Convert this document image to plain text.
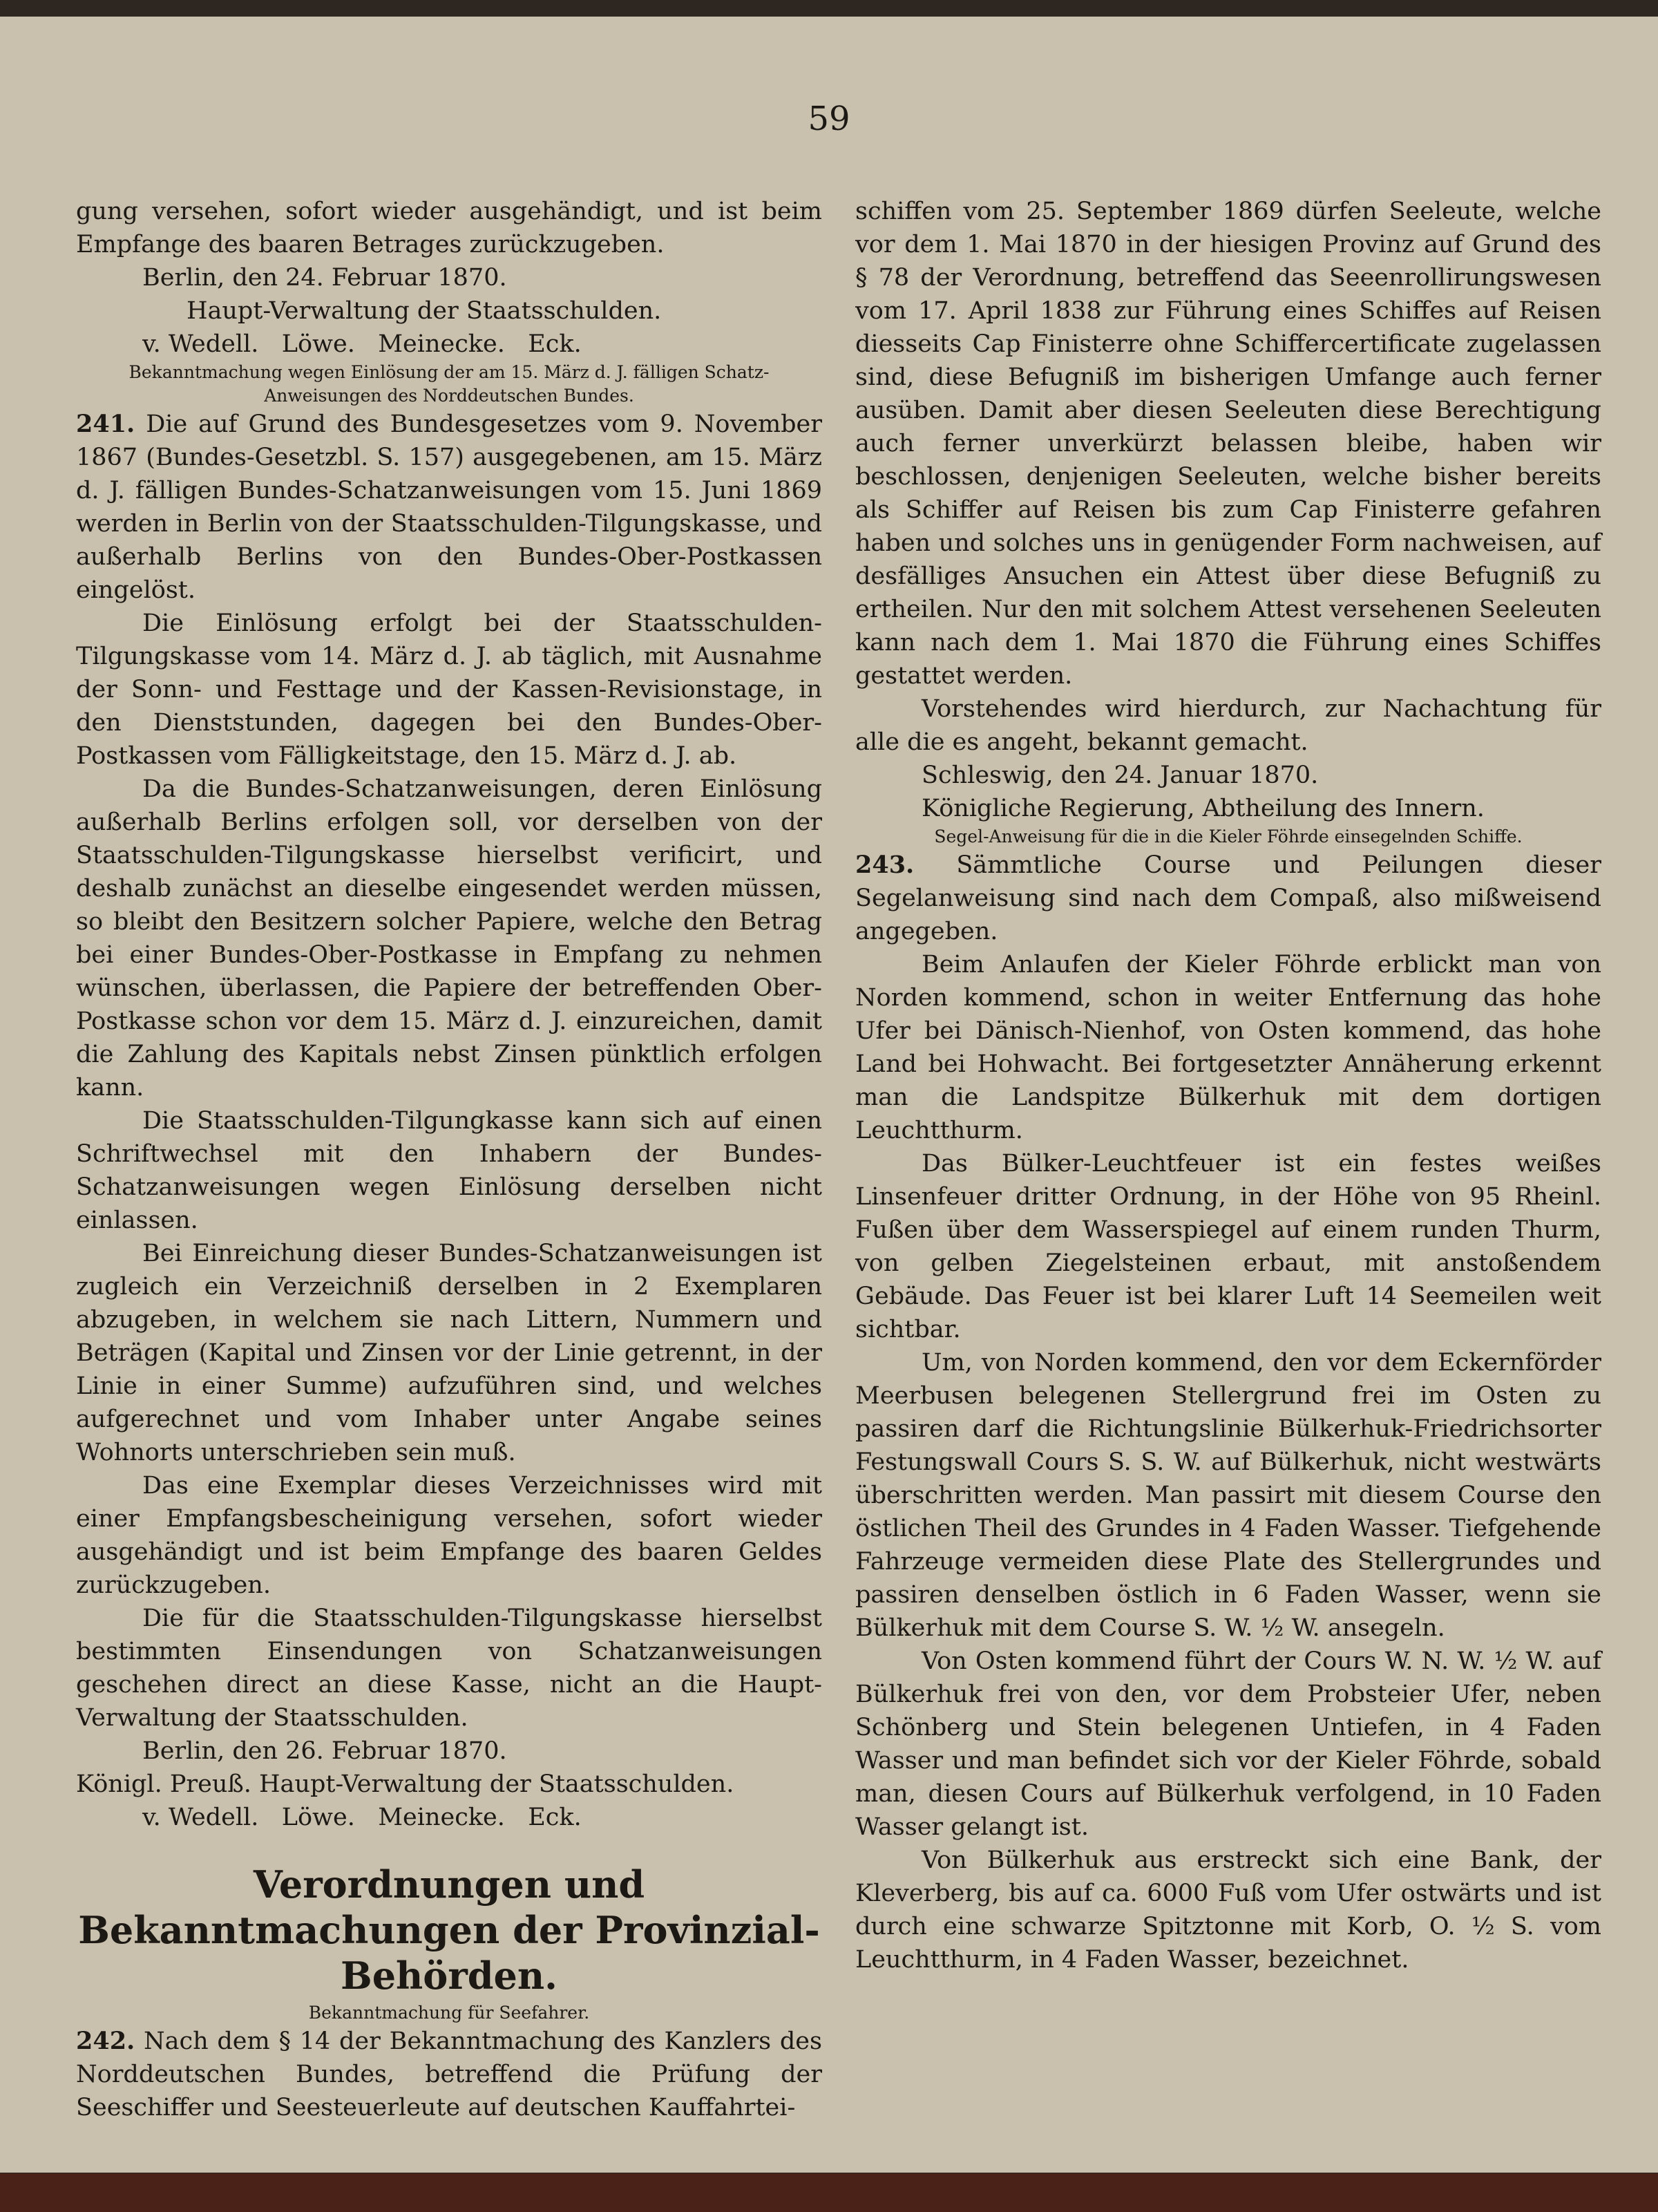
59

gung versehen, sofort wieder ausgehändigt, und ist beim Empfange des baaren Betrages zurückzugeben.

Berlin, den 24. Februar 1870.

Haupt-Verwaltung der Staatsschulden.

v. Wedell.   Löwe.   Meinecke.   Eck.

Bekanntmachung wegen Einlösung der am 15. März d. J. fälligen Schatz-Anweisungen des Norddeutschen Bundes.

241. Die auf Grund des Bundesgesetzes vom 9. November 1867 (Bundes-Gesetzbl. S. 157) ausgegebenen, am 15. März d. J. fälligen Bundes-Schatzanweisungen vom 15. Juni 1869 werden in Berlin von der Staatsschulden-Tilgungskasse, und außerhalb Berlins von den Bundes-Ober-Postkassen eingelöst.

Die Einlösung erfolgt bei der Staatsschulden-Tilgungskasse vom 14. März d. J. ab täglich, mit Ausnahme der Sonn- und Festtage und der Kassen-Revisionstage, in den Dienststunden, dagegen bei den Bundes-Ober-Postkassen vom Fälligkeitstage, den 15. März d. J. ab.

Da die Bundes-Schatzanweisungen, deren Einlösung außerhalb Berlins erfolgen soll, vor derselben von der Staatsschulden-Tilgungskasse hierselbst verificirt, und deshalb zunächst an dieselbe eingesendet werden müssen, so bleibt den Besitzern solcher Papiere, welche den Betrag bei einer Bundes-Ober-Postkasse in Empfang zu nehmen wünschen, überlassen, die Papiere der betreffenden Ober-Postkasse schon vor dem 15. März d. J. einzureichen, damit die Zahlung des Kapitals nebst Zinsen pünktlich erfolgen kann.

Die Staatsschulden-Tilgungkasse kann sich auf einen Schriftwechsel mit den Inhabern der Bundes-Schatzanweisungen wegen Einlösung derselben nicht einlassen.

Bei Einreichung dieser Bundes-Schatzanweisungen ist zugleich ein Verzeichniß derselben in 2 Exemplaren abzugeben, in welchem sie nach Littern, Nummern und Beträgen (Kapital und Zinsen vor der Linie getrennt, in der Linie in einer Summe) aufzuführen sind, und welches aufgerechnet und vom Inhaber unter Angabe seines Wohnorts unterschrieben sein muß.

Das eine Exemplar dieses Verzeichnisses wird mit einer Empfangsbescheinigung versehen, sofort wieder ausgehändigt und ist beim Empfange des baaren Geldes zurückzugeben.

Die für die Staatsschulden-Tilgungskasse hierselbst bestimmten Einsendungen von Schatzanweisungen geschehen direct an diese Kasse, nicht an die Haupt-Verwaltung der Staatsschulden.

Berlin, den 26. Februar 1870.

Königl. Preuß. Haupt-Verwaltung der Staatsschulden.

v. Wedell.   Löwe.   Meinecke.   Eck.

Verordnungen und Bekanntmachungen der Provinzial-Behörden.

Bekanntmachung für Seefahrer.

242. Nach dem § 14 der Bekanntmachung des Kanzlers des Norddeutschen Bundes, betreffend die Prüfung der Seeschiffer und Seesteuerleute auf deutschen Kauffahrtei-

schiffen vom 25. September 1869 dürfen Seeleute, welche vor dem 1. Mai 1870 in der hiesigen Provinz auf Grund des § 78 der Verordnung, betreffend das Seeenrollirungswesen vom 17. April 1838 zur Führung eines Schiffes auf Reisen diesseits Cap Finisterre ohne Schiffercertificate zugelassen sind, diese Befugniß im bisherigen Umfange auch ferner ausüben. Damit aber diesen Seeleuten diese Berechtigung auch ferner unverkürzt belassen bleibe, haben wir beschlossen, denjenigen Seeleuten, welche bisher bereits als Schiffer auf Reisen bis zum Cap Finisterre gefahren haben und solches uns in genügender Form nachweisen, auf desfälliges Ansuchen ein Attest über diese Befugniß zu ertheilen. Nur den mit solchem Attest versehenen Seeleuten kann nach dem 1. Mai 1870 die Führung eines Schiffes gestattet werden.

Vorstehendes wird hierdurch, zur Nachachtung für alle die es angeht, bekannt gemacht.

Schleswig, den 24. Januar 1870.

Königliche Regierung, Abtheilung des Innern.

Segel-Anweisung für die in die Kieler Föhrde einsegelnden Schiffe.

243. Sämmtliche Course und Peilungen dieser Segelanweisung sind nach dem Compaß, also mißweisend angegeben.

Beim Anlaufen der Kieler Föhrde erblickt man von Norden kommend, schon in weiter Entfernung das hohe Ufer bei Dänisch-Nienhof, von Osten kommend, das hohe Land bei Hohwacht. Bei fortgesetzter Annäherung erkennt man die Landspitze Bülkerhuk mit dem dortigen Leuchtthurm.

Das Bülker-Leuchtfeuer ist ein festes weißes Linsenfeuer dritter Ordnung, in der Höhe von 95 Rheinl. Fußen über dem Wasserspiegel auf einem runden Thurm, von gelben Ziegelsteinen erbaut, mit anstoßendem Gebäude. Das Feuer ist bei klarer Luft 14 Seemeilen weit sichtbar.

Um, von Norden kommend, den vor dem Eckernförder Meerbusen belegenen Stellergrund frei im Osten zu passiren darf die Richtungslinie Bülkerhuk-Friedrichsorter Festungswall Cours S. S. W. auf Bülkerhuk, nicht westwärts überschritten werden. Man passirt mit diesem Course den östlichen Theil des Grundes in 4 Faden Wasser. Tiefgehende Fahrzeuge vermeiden diese Plate des Stellergrundes und passiren denselben östlich in 6 Faden Wasser, wenn sie Bülkerhuk mit dem Course S. W. ½ W. ansegeln.

Von Osten kommend führt der Cours W. N. W. ½ W. auf Bülkerhuk frei von den, vor dem Probsteier Ufer, neben Schönberg und Stein belegenen Untiefen, in 4 Faden Wasser und man befindet sich vor der Kieler Föhrde, sobald man, diesen Cours auf Bülkerhuk verfolgend, in 10 Faden Wasser gelangt ist.

Von Bülkerhuk aus erstreckt sich eine Bank, der Kleverberg, bis auf ca. 6000 Fuß vom Ufer ostwärts und ist durch eine schwarze Spitztonne mit Korb, O. ½ S. vom Leuchtthurm, in 4 Faden Wasser, bezeichnet.
